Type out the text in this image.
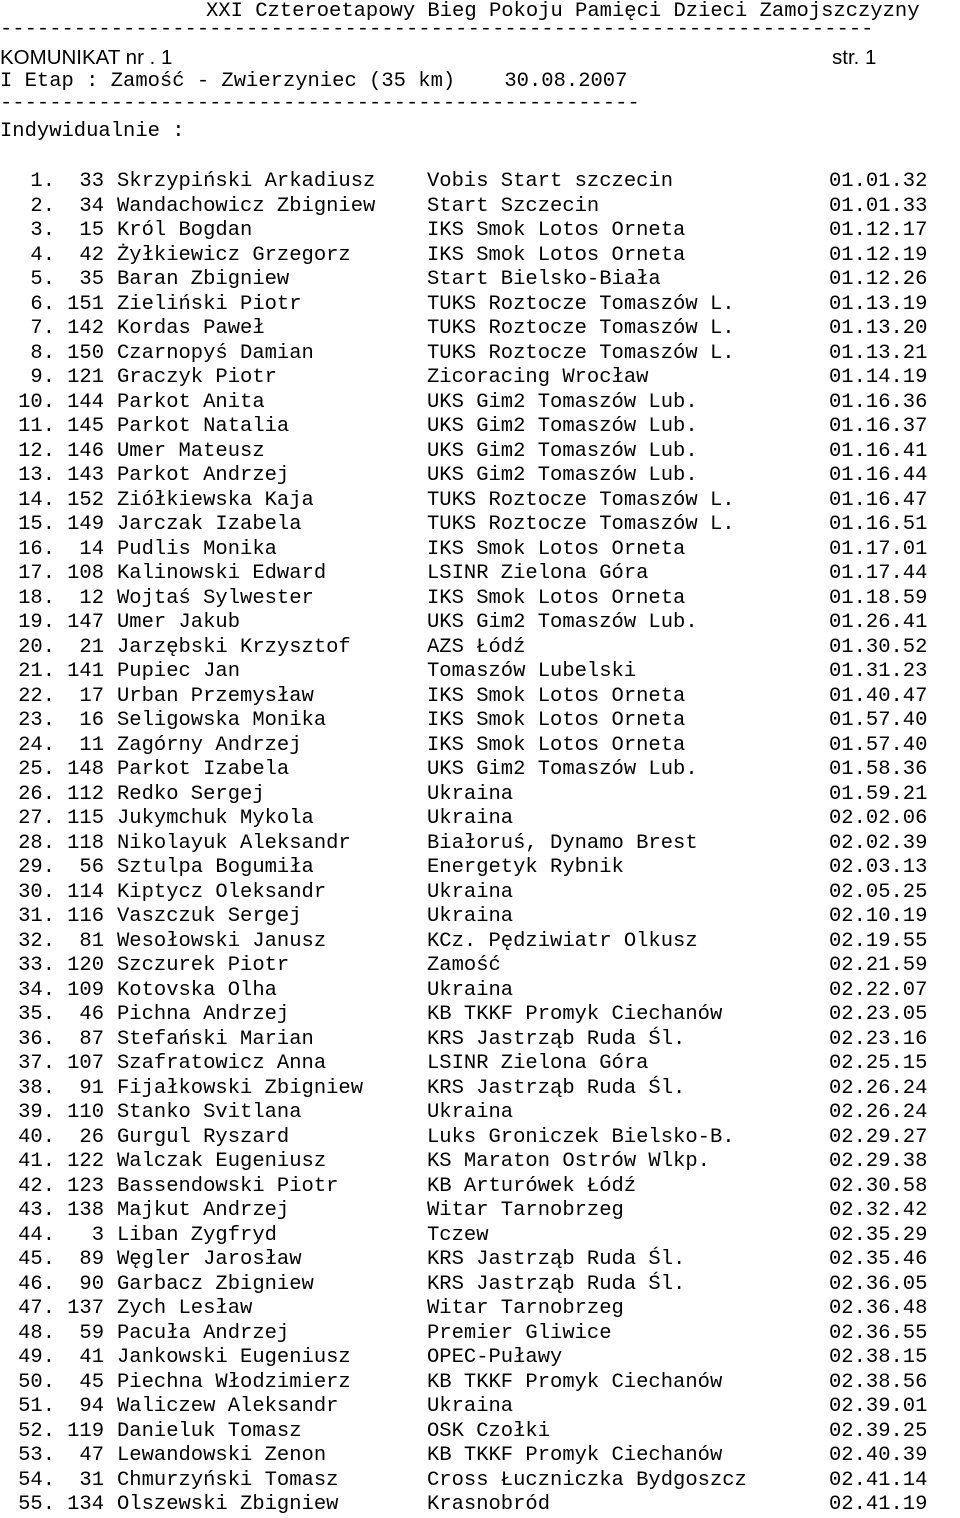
XXI Czteroetapowy Bieg Pokoju Pamięci Dzieci Zamojszczyzny
-----------------------------------------------------------------------
KOMUNIKAT nr . 1	str. 1
I Etap : Zamość - Zwierzyniec (35 km)    30.08.2007
----------------------------------------------------
Indywidualnie :
1.	33 Skrzypiński Arkadiusz	Vobis Start szczecin	01.01.32
2.	34 Wandachowicz Zbigniew	Start Szczecin	01.01.33
3.	15 Król Bogdan	IKS Smok Lotos Orneta	01.12.17
4.	42 Żyłkiewicz Grzegorz	IKS Smok Lotos Orneta	01.12.19
5.	35 Baran Zbigniew	Start Bielsko-Biała	01.12.26
6. 151 Zieliński Piotr	TUKS Roztocze Tomaszów L.	01.13.19
7. 142 Kordas Paweł	TUKS Roztocze Tomaszów L.	01.13.20
8. 150 Czarnopyś Damian	TUKS Roztocze Tomaszów L.	01.13.21
9. 121 Graczyk Piotr	Zicoracing Wrocław	01.14.19
10. 144 Parkot Anita	UKS Gim2 Tomaszów Lub.	01.16.36
11. 145 Parkot Natalia	UKS Gim2 Tomaszów Lub.	01.16.37
12. 146 Umer Mateusz	UKS Gim2 Tomaszów Lub.	01.16.41
13. 143 Parkot Andrzej	UKS Gim2 Tomaszów Lub.	01.16.44
14. 152 Ziółkiewska Kaja	TUKS Roztocze Tomaszów L.	01.16.47
15. 149 Jarczak Izabela	TUKS Roztocze Tomaszów L.	01.16.51
16.	14 Pudlis Monika	IKS Smok Lotos Orneta	01.17.01
17. 108 Kalinowski Edward	LSINR Zielona Góra	01.17.44
18.	12 Wojtaś Sylwester	IKS Smok Lotos Orneta	01.18.59
19. 147 Umer Jakub	UKS Gim2 Tomaszów Lub.	01.26.41
20.	21 Jarzębski Krzysztof	AZS Łódź	01.30.52
21. 141 Pupiec Jan	Tomaszów Lubelski	01.31.23
22.	17 Urban Przemysław	IKS Smok Lotos Orneta	01.40.47
23.	16 Seligowska Monika	IKS Smok Lotos Orneta	01.57.40
24.	11 Zagórny Andrzej	IKS Smok Lotos Orneta	01.57.40
25. 148 Parkot Izabela	UKS Gim2 Tomaszów Lub.	01.58.36
26. 112 Redko Sergej	Ukraina	01.59.21
27. 115 Jukymchuk Mykola	Ukraina	02.02.06
28. 118 Nikolayuk Aleksandr	Białoruś, Dynamo Brest	02.02.39
29.	56 Sztulpa Bogumiła	Energetyk Rybnik	02.03.13
30. 114 Kiptycz Oleksandr	Ukraina	02.05.25
31. 116 Vaszczuk Sergej	Ukraina	02.10.19
32.	81 Wesołowski Janusz	KCz. Pędziwiatr Olkusz	02.19.55
33. 120 Szczurek Piotr	Zamość	02.21.59
34. 109 Kotovska Olha	Ukraina	02.22.07
35.	46 Pichna Andrzej	KB TKKF Promyk Ciechanów	02.23.05
36.	87 Stefański Marian	KRS Jastrząb Ruda Śl.	02.23.16
37. 107 Szafratowicz Anna	LSINR Zielona Góra	02.25.15
38.	91 Fijałkowski Zbigniew	KRS Jastrząb Ruda Śl.	02.26.24
39. 110 Stanko Svitlana	Ukraina	02.26.24
40.	26 Gurgul Ryszard	Luks Groniczek Bielsko-B.	02.29.27
41. 122 Walczak Eugeniusz	KS Maraton Ostrów Wlkp.	02.29.38
42. 123 Bassendowski Piotr	KB Arturówek Łódź	02.30.58
43. 138 Majkut Andrzej	Witar Tarnobrzeg	02.32.42
44.	3 Liban Zygfryd	Tczew	02.35.29
45.	89 Węgler Jarosław	KRS Jastrząb Ruda Śl.	02.35.46
46.	90 Garbacz Zbigniew	KRS Jastrząb Ruda Śl.	02.36.05
47. 137 Zych Lesław	Witar Tarnobrzeg	02.36.48
48.	59 Pacuła Andrzej	Premier Gliwice	02.36.55
49.	41 Jankowski Eugeniusz	OPEC-Puławy	02.38.15
50.	45 Piechna Włodzimierz	KB TKKF Promyk Ciechanów	02.38.56
51.	94 Waliczew Aleksandr	Ukraina	02.39.01
52. 119 Danieluk Tomasz	OSK Czołki	02.39.25
53.	47 Lewandowski Zenon	KB TKKF Promyk Ciechanów	02.40.39
54.	31 Chmurzyński Tomasz	Cross Łuczniczka Bydgoszcz	02.41.14
55. 134 Olszewski Zbigniew	Krasnobród	02.41.19
